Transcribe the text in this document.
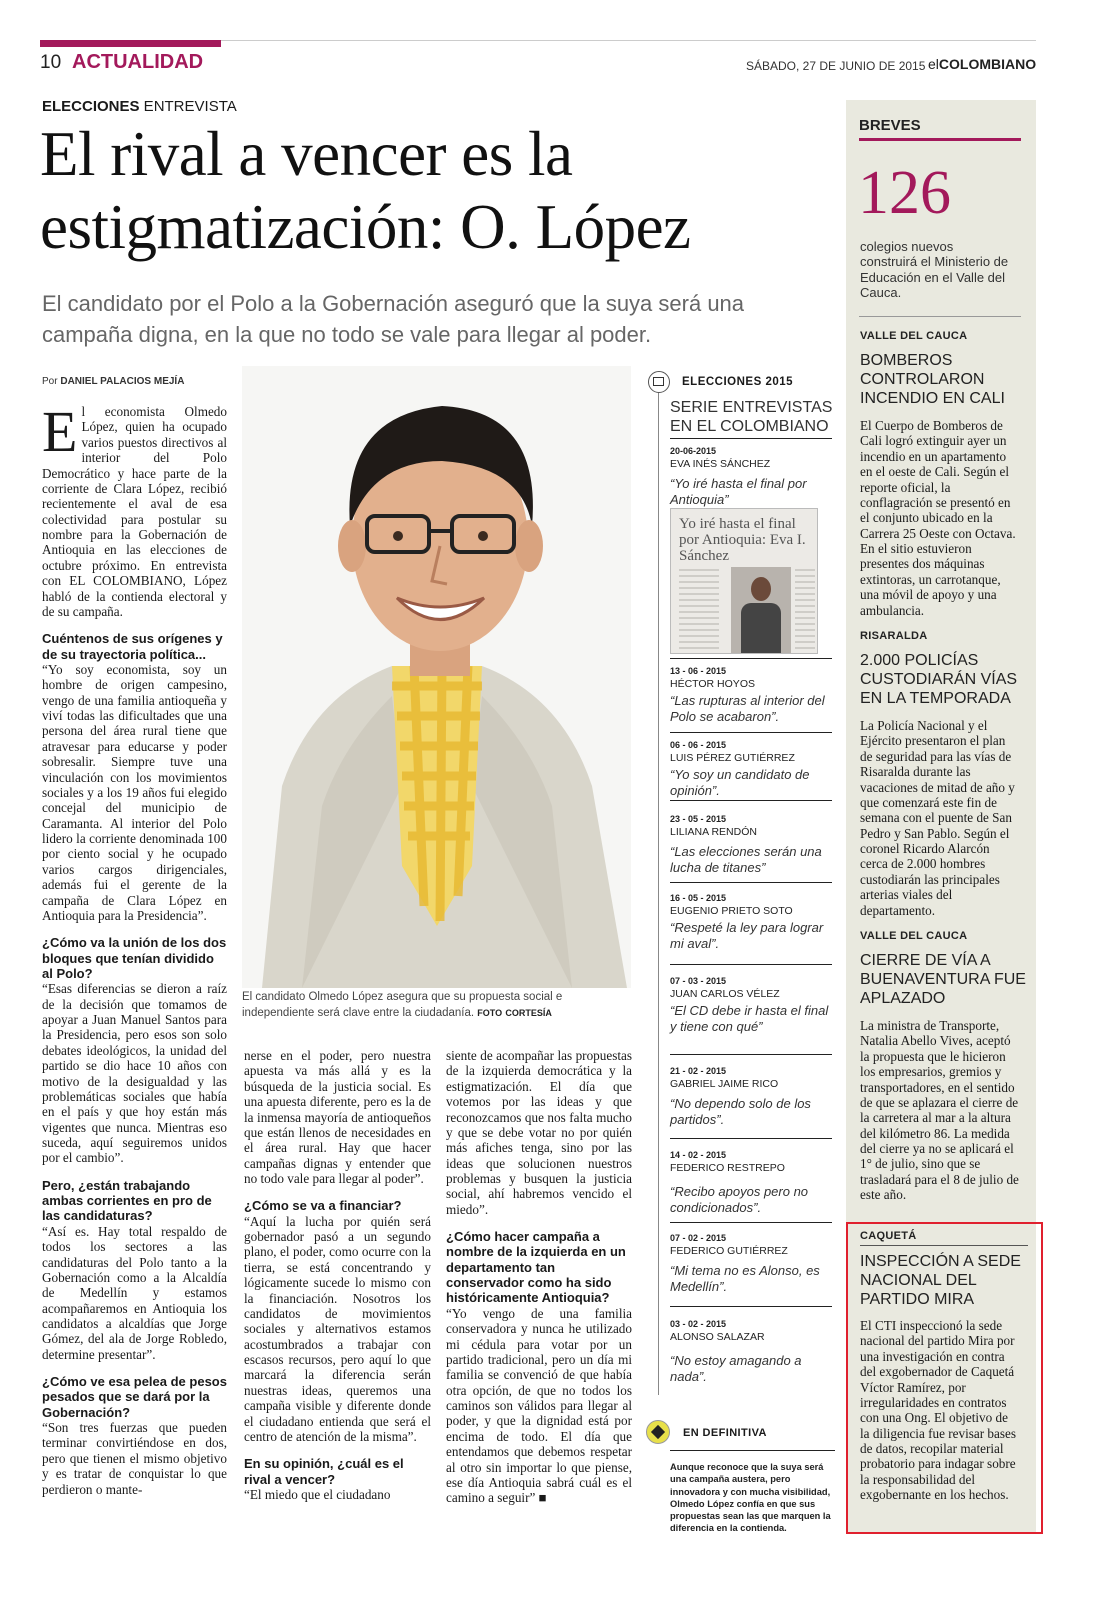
10 ACTUALIDAD	SÁBADO, 27 DE JUNIO DE 2015 elCOLOMBIANO
ELECCIONES ENTREVISTA
El rival a vencer es la
estigmatización: O. López
El candidato por el Polo a la Gobernación aseguró que la suya será una campaña digna, en la que no todo se vale para llegar al poder.
Por DANIEL PALACIOS MEJÍA

El economista Olmedo López, quien ha ocupado varios puestos directivos al interior del Polo Democrático y hace parte de la corriente de Clara López, recibió recientemente el aval de esa colectividad para postular su nombre para la Gobernación de Antioquia en las elecciones de octubre próximo. En entrevista con EL COLOMBIANO, López habló de la contienda electoral y de su campaña.

Cuéntenos de sus orígenes y de su trayectoria política...

“Yo soy economista, soy un hombre de origen campesino, vengo de una familia antioqueña y viví todas las dificultades que una persona del área rural tiene que atravesar para educarse y poder sobresalir. Siempre tuve una vinculación con los movimientos sociales y a los 19 años fui elegido concejal del municipio de Caramanta. Al interior del Polo lidero la corriente denominada 100 por ciento social y he ocupado varios cargos dirigenciales, además fui el gerente de la campaña de Clara López en Antioquia para la Presidencia”.

¿Cómo va la unión de los dos bloques que tenían dividido al Polo?

“Esas diferencias se dieron a raíz de la decisión que tomamos de apoyar a Juan Manuel Santos para la Presidencia, pero esos son solo debates ideológicos, la unidad del partido se dio hace 10 años con motivo de la desigualdad y las problemáticas sociales que había en el país y que hoy están más vigentes que nunca. Mientras eso suceda, aquí seguiremos unidos por el cambio”.

Pero, ¿están trabajando ambas corrientes en pro de las candidaturas?

“Así es. Hay total respaldo de todos los sectores a las candidaturas del Polo tanto a la Gobernación como a la Alcaldía de Medellín y estamos acompañaremos en Antioquia los candidatos a alcaldías que Jorge Gómez, del ala de Jorge Robledo, determine presentar”.

¿Cómo ve esa pelea de pesos pesados que se dará por la Gobernación?

“Son tres fuerzas que pueden terminar convirtiéndose en dos, pero que tienen el mismo objetivo y es tratar de conquistar lo que perdieron o mante-

El candidato Olmedo López asegura que su propuesta social e independiente será clave entre la ciudadanía. FOTO CORTESÍA

nerse en el poder, pero nuestra apuesta va más allá y es la búsqueda de la justicia social. Es una apuesta diferente, pero es la de la inmensa mayoría de antioqueños que están llenos de necesidades en el área rural. Hay que hacer campañas dignas y entender que no todo vale para llegar al poder”.

¿Cómo se va a financiar?

“Aquí la lucha por quién será gobernador pasó a un segundo plano, el poder, como ocurre con la tierra, se está concentrando y lógicamente sucede lo mismo con la financiación. Nosotros los candidatos de movimientos sociales y alternativos estamos acostumbrados a trabajar con escasos recursos, pero aquí lo que marcará la diferencia serán nuestras ideas, queremos una campaña visible y diferente donde el ciudadano entienda que será el centro de atención de la misma”.

En su opinión, ¿cuál es el rival a vencer?

“El miedo que el ciudadano

siente de acompañar las propuestas de la izquierda democrática y la estigmatización. El día que votemos por las ideas y que reconozcamos que nos falta mucho y que se debe votar no por quién más afiches tenga, sino por las ideas que solucionen nuestros problemas y busquen la justicia social, ahí habremos vencido el miedo”.

¿Cómo hacer campaña a nombre de la izquierda en un departamento tan conservador como ha sido históricamente Antioquia?

“Yo vengo de una familia conservadora y nunca he utilizado mi cédula para votar por un partido tradicional, pero un día mi familia se convenció de que había otra opción, de que no todos los caminos son válidos para llegar al poder, y que la dignidad está por encima de todo. El día que entendamos que debemos respetar al otro sin importar lo que piense, ese día Antioquia sabrá cuál es el camino a seguir” ■

ELECCIONES 2015
SERIE ENTREVISTAS
EN EL COLOMBIANO
20-06-2015
EVA INÉS SÁNCHEZ
“Yo iré hasta el final por Antioquia”
Yo iré hasta el final por Antioquia: Eva I. Sánchez
13 - 06 - 2015
HÉCTOR HOYOS
“Las rupturas al interior del Polo se acabaron”.
06 - 06 - 2015
LUIS PÉREZ GUTIÉRREZ
“Yo soy un candidato de opinión”.
23 - 05 - 2015
LILIANA RENDÓN
“Las elecciones serán una lucha de titanes”
16 - 05 - 2015
EUGENIO PRIETO SOTO
“Respeté la ley para lograr mi aval”.
07 - 03 - 2015
JUAN CARLOS VÉLEZ
“El CD debe ir hasta el final y tiene con qué”
21 - 02 - 2015
GABRIEL JAIME RICO
“No dependo solo de los partidos”.
14 - 02 - 2015
FEDERICO RESTREPO
“Recibo apoyos pero no condicionados”.
07 - 02 - 2015
FEDERICO GUTIÉRREZ
“Mi tema no es Alonso, es Medellín”.
03 - 02 - 2015
ALONSO SALAZAR
“No estoy amagando a nada”.
EN DEFINITIVA
Aunque reconoce que la suya será una campaña austera, pero innovadora y con mucha visibilidad, Olmedo López confía en que sus propuestas sean las que marquen la diferencia en la contienda.
BREVES
126
colegios nuevos construirá el Ministerio de Educación en el Valle del Cauca.
VALLE DEL CAUCA
BOMBEROS CONTROLARON INCENDIO EN CALI
El Cuerpo de Bomberos de Cali logró extinguir ayer un incendio en un apartamento en el oeste de Cali. Según el reporte oficial, la conflagración se presentó en el conjunto ubicado en la Carrera 25 Oeste con Octava. En el sitio estuvieron presentes dos máquinas extintoras, un carrotanque, una móvil de apoyo y una ambulancia.
RISARALDA
2.000 POLICÍAS CUSTODIARÁN VÍAS EN LA TEMPORADA
La Policía Nacional y el Ejército presentaron el plan de seguridad para las vías de Risaralda durante las vacaciones de mitad de año y que comenzará este fin de semana con el puente de San Pedro y San Pablo. Según el coronel Ricardo Alarcón cerca de 2.000 hombres custodiarán las principales arterias viales del departamento.
VALLE DEL CAUCA
CIERRE DE VÍA A BUENAVENTURA FUE APLAZADO
La ministra de Transporte, Natalia Abello Vives, aceptó la propuesta que le hicieron los empresarios, gremios y transportadores, en el sentido de que se aplazara el cierre de la carretera al mar a la altura del kilómetro 86. La medida del cierre ya no se aplicará el 1° de julio, sino que se trasladará para el 8 de julio de este año.
CAQUETÁ
INSPECCIÓN A SEDE NACIONAL DEL PARTIDO MIRA
El CTI inspeccionó la sede nacional del partido Mira por una investigación en contra del exgobernador de Caquetá Víctor Ramírez, por irregularidades en contratos con una Ong. El objetivo de la diligencia fue revisar bases de datos, recopilar material probatorio para indagar sobre la responsabilidad del exgobernante en los hechos.
